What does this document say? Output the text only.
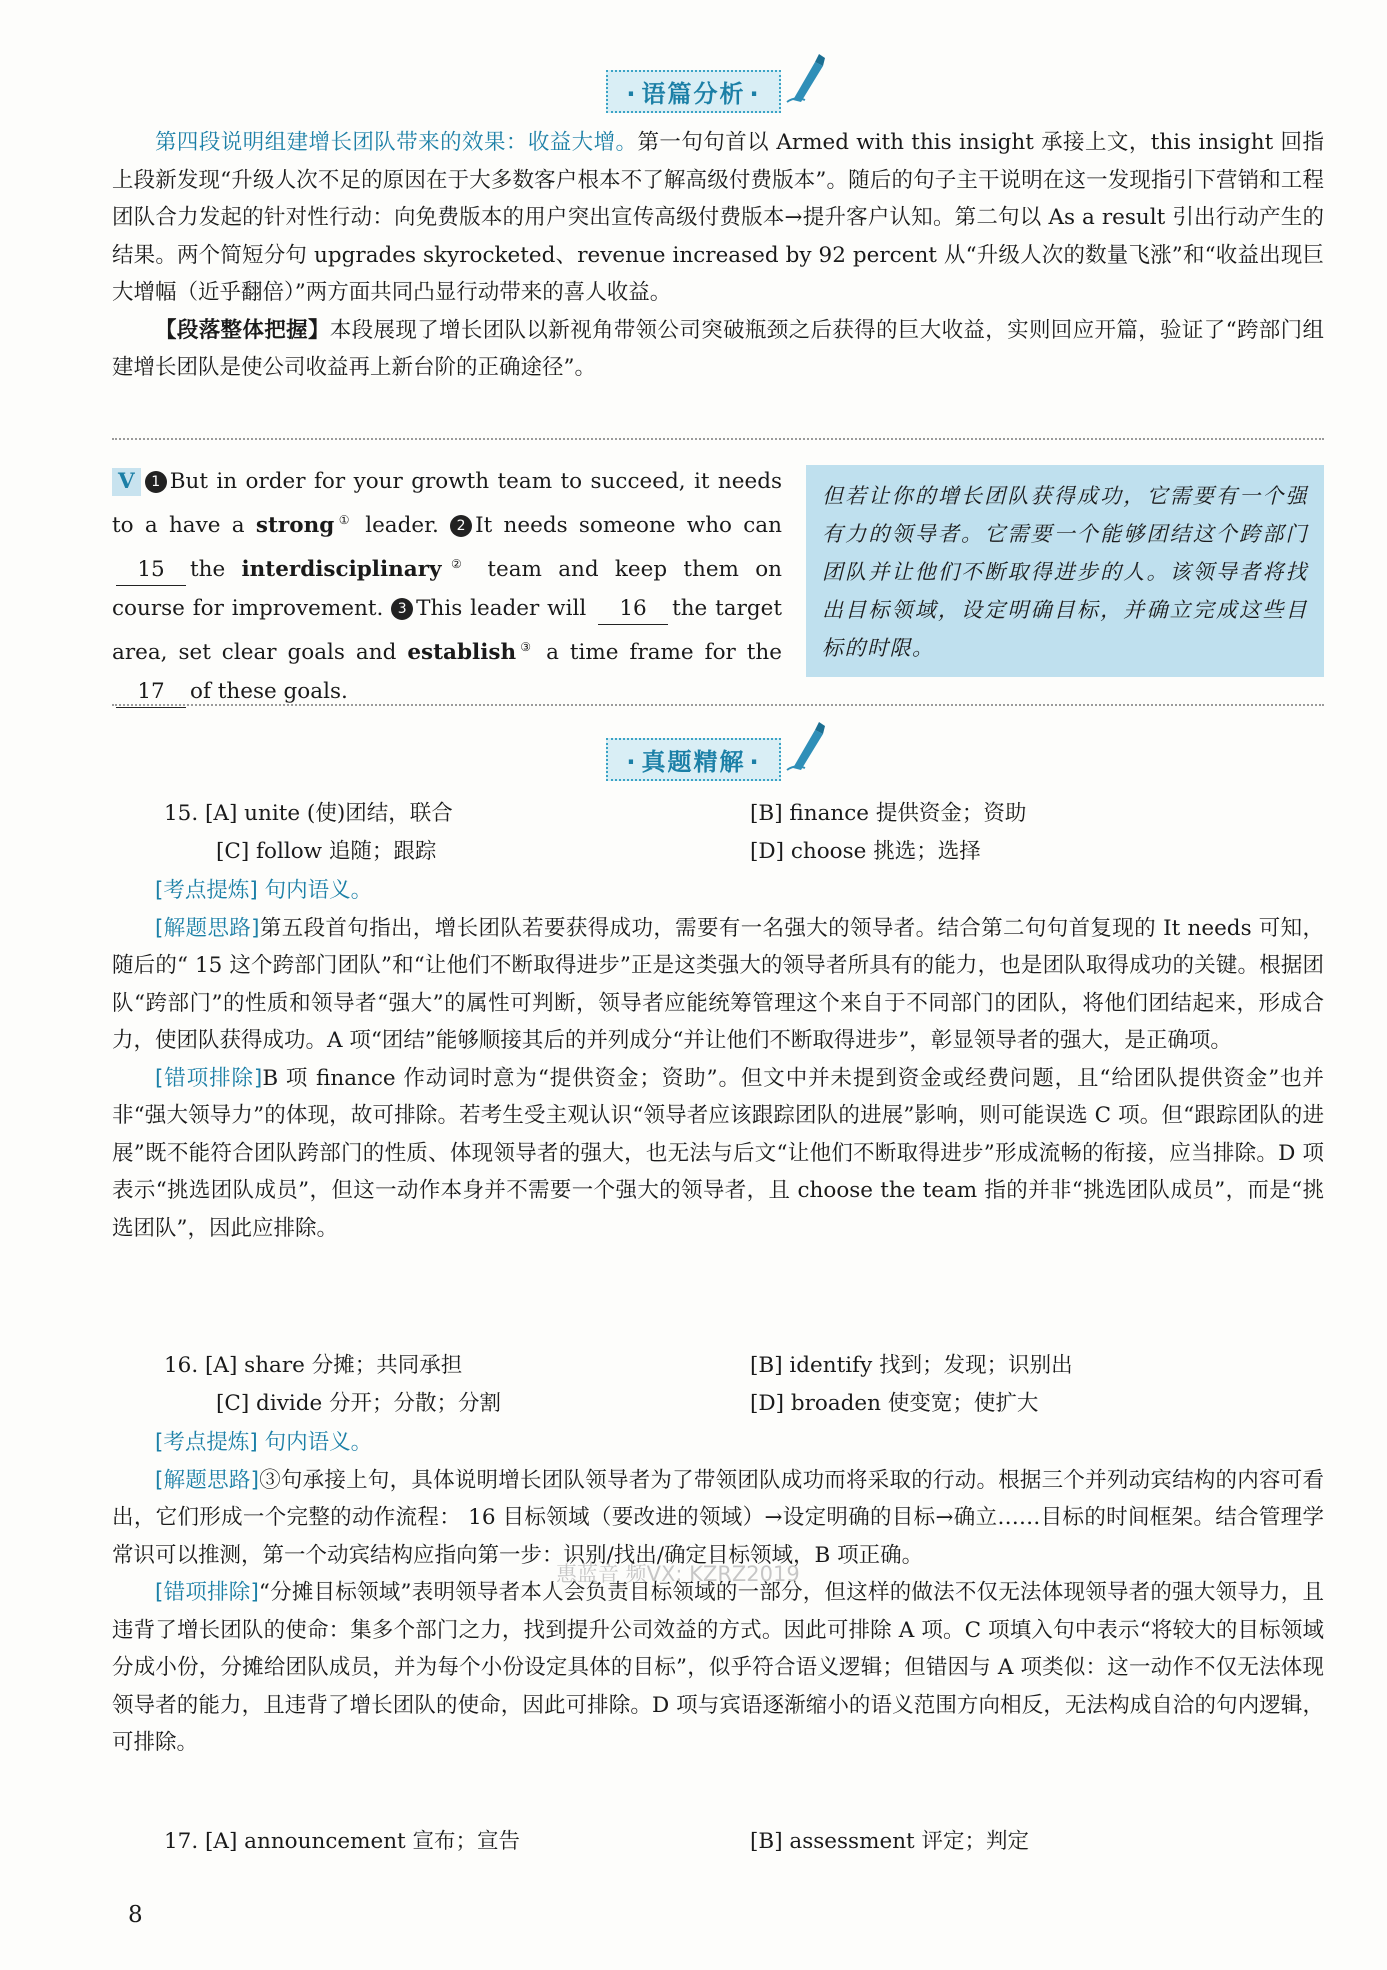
· 语篇分析 ·

第四段说明组建增长团队带来的效果：收益大增。第一句句首以 Armed with this insight 承接上文，this insight 回指上段新发现“升级人次不足的原因在于大多数客户根本不了解高级付费版本”。随后的句子主干说明在这一发现指引下营销和工程团队合力发起的针对性行动：向免费版本的用户突出宣传高级付费版本→提升客户认知。第二句以 As a result 引出行动产生的结果。两个简短分句 upgrades skyrocketed、revenue increased by 92 percent 从“升级人次的数量飞涨”和“收益出现巨大增幅（近乎翻倍）”两方面共同凸显行动带来的喜人收益。

【段落整体把握】本段展现了增长团队以新视角带领公司突破瓶颈之后获得的巨大收益，实则回应开篇，验证了“跨部门组建增长团队是使公司收益再上新台阶的正确途径”。

V 1 But in order for your growth team to succeed, it needs to a have a strong① leader. 2 It needs someone who can15 the interdisciplinary② team and keep them on course for improvement. 3 This leader will 16 the target area, set clear goals and establish③ a time frame for the17 of these goals.
但若让你的增长团队获得成功，它需要有一个强有力的领导者。它需要一个能够团结这个跨部门团队并让他们不断取得进步的人。该领导者将找出目标领域，设定明确目标，并确立完成这些目标的时限。
· 真题精解 ·
15. [A] unite (使)团结，联合	[B] finance 提供资金；资助
[C] follow 追随；跟踪	[D] choose 挑选；选择

[考点提炼] 句内语义。

[解题思路]第五段首句指出，增长团队若要获得成功，需要有一名强大的领导者。结合第二句句首复现的 It needs 可知，随后的“ 15 这个跨部门团队”和“让他们不断取得进步”正是这类强大的领导者所具有的能力，也是团队取得成功的关键。根据团队“跨部门”的性质和领导者“强大”的属性可判断，领导者应能统筹管理这个来自于不同部门的团队，将他们团结起来，形成合力，使团队获得成功。A 项“团结”能够顺接其后的并列成分“并让他们不断取得进步”，彰显领导者的强大，是正确项。

[错项排除]B 项 finance 作动词时意为“提供资金；资助”。但文中并未提到资金或经费问题，且“给团队提供资金”也并非“强大领导力”的体现，故可排除。若考生受主观认识“领导者应该跟踪团队的进展”影响，则可能误选 C 项。但“跟踪团队的进展”既不能符合团队跨部门的性质、体现领导者的强大，也无法与后文“让他们不断取得进步”形成流畅的衔接，应当排除。D 项表示“挑选团队成员”，但这一动作本身并不需要一个强大的领导者，且 choose the team 指的并非“挑选团队成员”，而是“挑选团队”，因此应排除。

16. [A] share 分摊；共同承担	[B] identify 找到；发现；识别出
[C] divide 分开；分散；分割	[D] broaden 使变宽；使扩大

[考点提炼] 句内语义。

[解题思路]③句承接上句，具体说明增长团队领导者为了带领团队成功而将采取的行动。根据三个并列动宾结构的内容可看出，它们形成一个完整的动作流程： 16 目标领域（要改进的领域）→设定明确的目标→确立……目标的时间框架。结合管理学常识可以推测，第一个动宾结构应指向第一步：识别/找出/确定目标领域，B 项正确。

[错项排除]“分摊目标领域”表明领导者本人会负责目标领域的一部分，但这样的做法不仅无法体现领导者的强大领导力，且违背了增长团队的使命：集多个部门之力，找到提升公司效益的方式。因此可排除 A 项。C 项填入句中表示“将较大的目标领域分成小份，分摊给团队成员，并为每个小份设定具体的目标”，似乎符合语义逻辑；但错因与 A 项类似：这一动作不仅无法体现领导者的能力，且违背了增长团队的使命，因此可排除。D 项与宾语逐渐缩小的语义范围方向相反，无法构成自洽的句内逻辑，可排除。

17. [A] announcement 宣布；宣告	[B] assessment 评定；判定
惠蓝音 频VX: KZRZ2019
8
